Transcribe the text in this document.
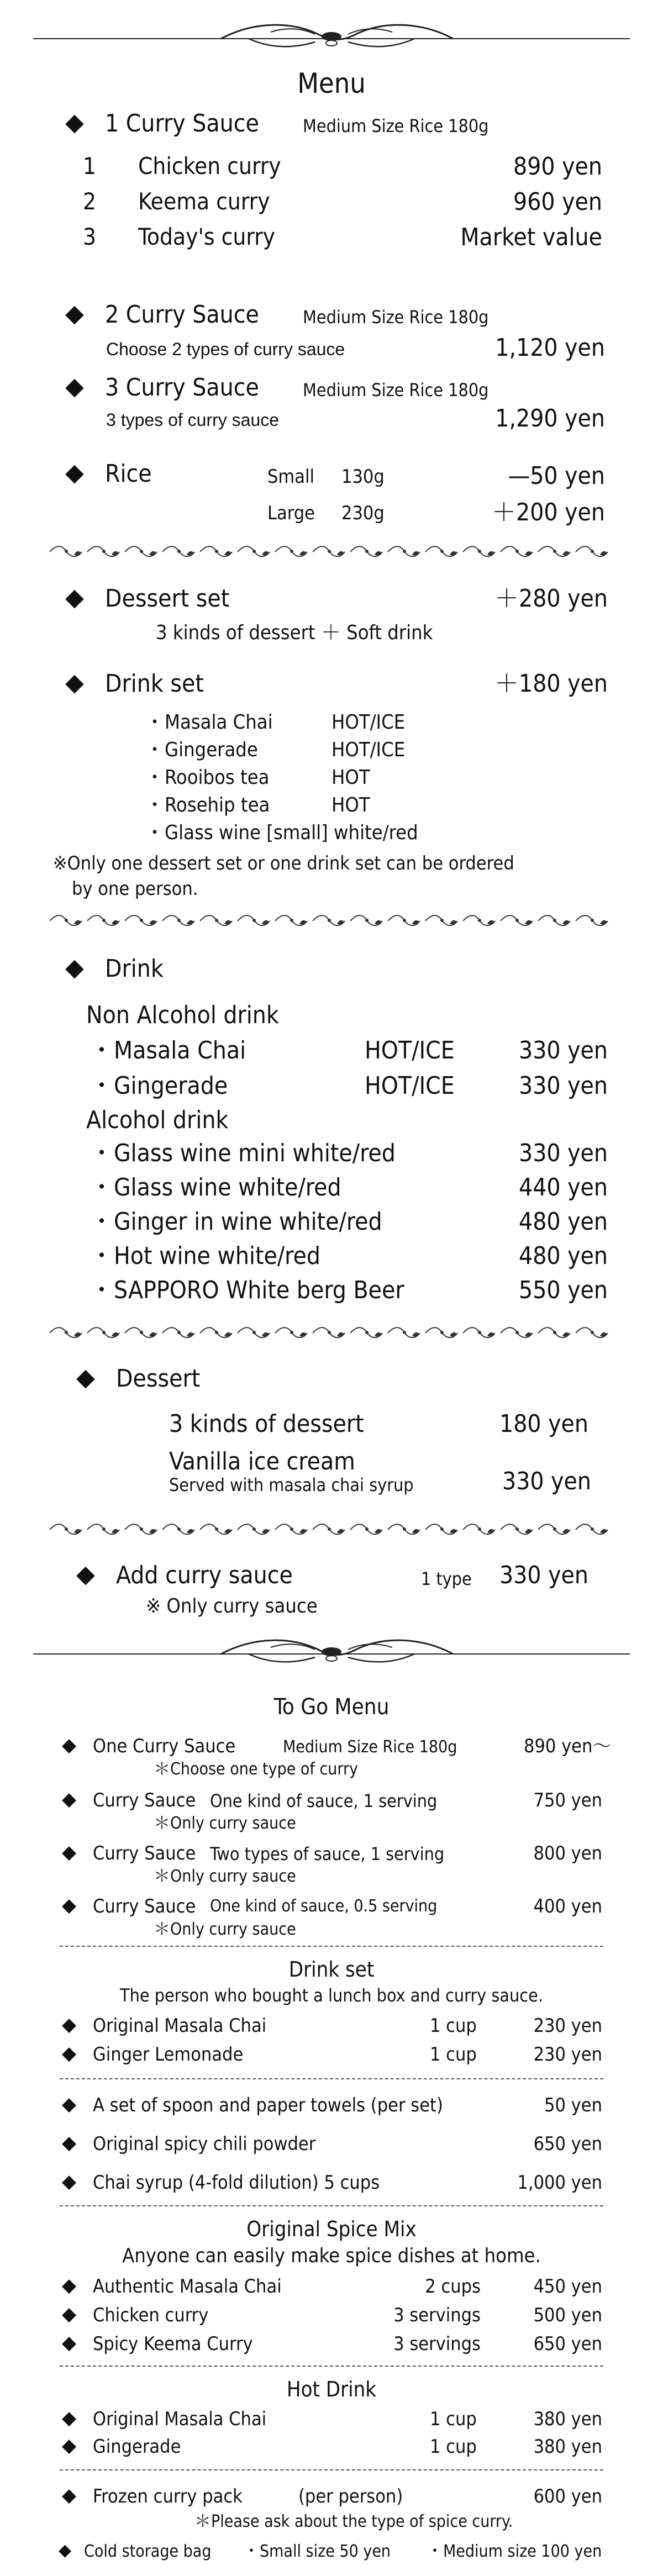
Menu
◆ 1 Curry Sauce Medium Size Rice 180g
1 Chicken curry	890 yen
2 Keema curry	960 yen
3 Today's curry	Market value
◆ 2 Curry Sauce Medium Size Rice 180g
Choose 2 types of curry sauce	1,120 yen
◆ 3 Curry Sauce Medium Size Rice 180g
3 types of curry sauce	1,290 yen
◆ Rice	Small 130g	—50 yen
Large 230g	＋200 yen
◆ Dessert set	＋280 yen
3 kinds of dessert ＋ Soft drink
◆ Drink set	＋180 yen
・Masala Chai	HOT/ICE
・Gingerade	HOT/ICE
・Rooibos tea	HOT
・Rosehip tea	HOT
・Glass wine [small] white/red
※Only one dessert set or one drink set can be ordered
by one person.
◆ Drink
Non Alcohol drink
・Masala Chai	HOT/ICE	330 yen
・Gingerade	HOT/ICE	330 yen
Alcohol drink
・Glass wine mini white/red	330 yen
・Glass wine white/red	440 yen
・Ginger in wine white/red	480 yen
・Hot wine white/red	480 yen
・SAPPORO White berg Beer	550 yen
◆ Dessert
3 kinds of dessert	180 yen
Vanilla ice cream
Served with masala chai syrup	330 yen
◆ Add curry sauce	1 type	330 yen
※ Only curry sauce
To Go Menu
◆ One Curry Sauce	Medium Size Rice 180g	890 yen〜
＊Choose one type of curry
◆ Curry Sauce One kind of sauce, 1 serving	750 yen
＊Only curry sauce
◆ Curry Sauce Two types of sauce, 1 serving	800 yen
＊Only curry sauce
◆ Curry Sauce One kind of sauce, 0.5 serving	400 yen
＊Only curry sauce
Drink set
The person who bought a lunch box and curry sauce.
◆ Original Masala Chai	1 cup	230 yen
◆ Ginger Lemonade	1 cup	230 yen
◆ A set of spoon and paper towels (per set)	50 yen
◆ Original spicy chili powder	650 yen
◆ Chai syrup (4-fold dilution) 5 cups	1,000 yen
Original Spice Mix
Anyone can easily make spice dishes at home.
◆ Authentic Masala Chai	2 cups	450 yen
◆ Chicken curry	3 servings	500 yen
◆ Spicy Keema Curry	3 servings	650 yen
Hot Drink
◆ Original Masala Chai	1 cup	380 yen
◆ Gingerade	1 cup	380 yen
◆ Frozen curry pack	(per person)	600 yen
＊Please ask about the type of spice curry.
◆ Cold storage bag ・Small size 50 yen ・Medium size 100 yen
